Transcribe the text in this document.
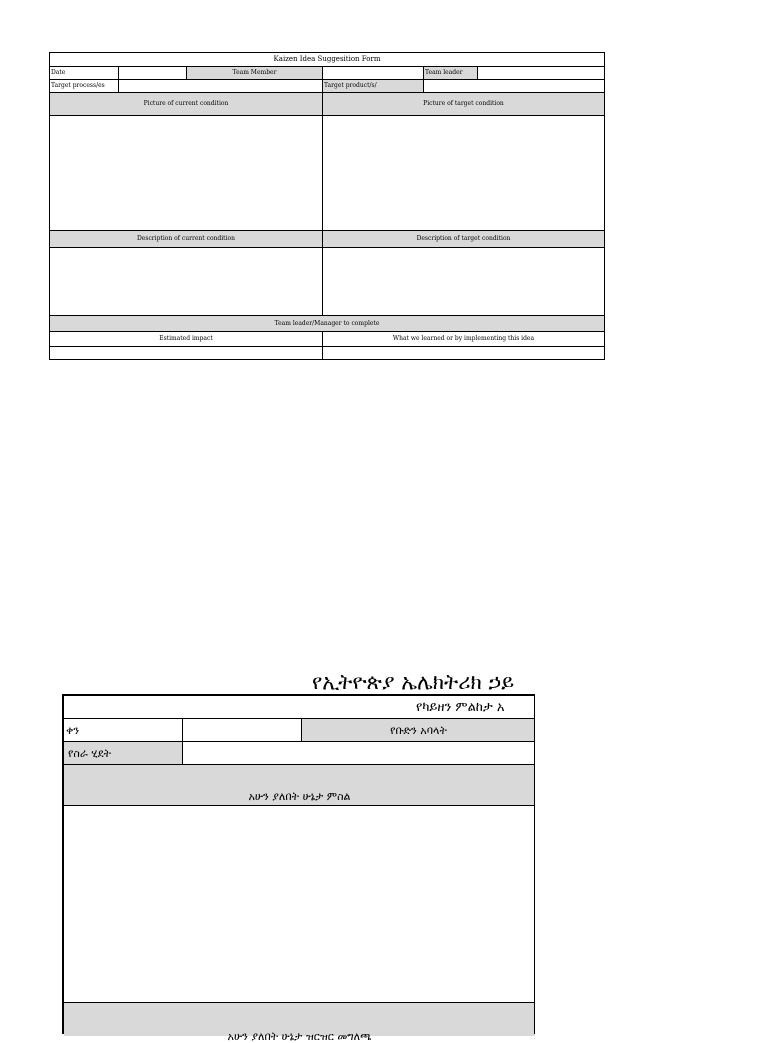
Kaizen Idea Suggesition Form
Date	Team Member	Team leader
Target process/es	Target product/s/
Picture of current condition	Picture of target condition
Description of current condition	Description of target condition
Team leader/Manager to complete
Estimated impact	What we learned or by implementing this idea
የኢትዮጵያ ኤሌክትሪክ ኃይ
የካይዘን ምልከታ አ
ቀን	የቡድን አባላት
የስራ ሂደት
አሁን ያለበት ሁኔታ ምስል
አሁን ያለበት ሁኔታ ዝርዝር መግለጫ
